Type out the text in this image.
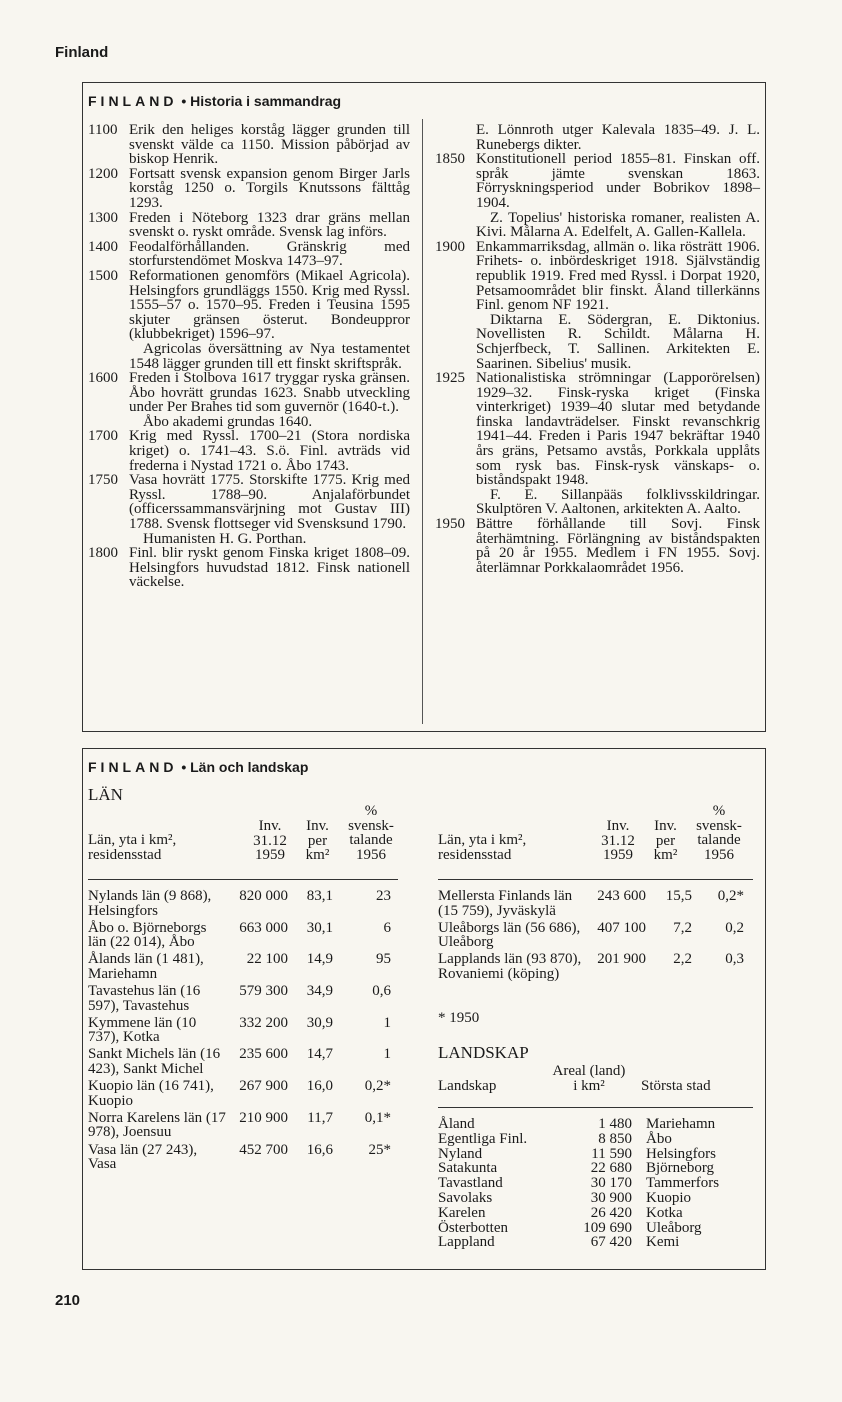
Finland
FINLAND • Historia i sammandrag
1100 Erik den heliges korståg lägger grunden till svenskt välde ca 1150. Mission påbörjad av biskop Henrik.
1200 Fortsatt svensk expansion genom Birger Jarls korståg 1250 o. Torgils Knutssons fälttåg 1293.
1300 Freden i Nöteborg 1323 drar gräns mellan svenskt o. ryskt område. Svensk lag införs.
1400 Feodalförhållanden. Gränskrig med storfurstendömet Moskva 1473–97.
1500 Reformationen genomförs (Mikael Agricola). Helsingfors grundläggs 1550. Krig med Ryssl. 1555–57 o. 1570–95. Freden i Teusina 1595 skjuter gränsen österut. Bondeuppror (klubbekriget) 1596–97.
Agricolas översättning av Nya testamentet 1548 lägger grunden till ett finskt skriftspråk.
1600 Freden i Stolbova 1617 tryggar ryska gränsen. Åbo hovrätt grundas 1623. Snabb utveckling under Per Brahes tid som guvernör (1640-t.).
Åbo akademi grundas 1640.
1700 Krig med Ryssl. 1700–21 (Stora nordiska kriget) o. 1741–43. S.ö. Finl. avträds vid frederna i Nystad 1721 o. Åbo 1743.
1750 Vasa hovrätt 1775. Storskifte 1775. Krig med Ryssl. 1788–90. Anjalaförbundet (officerssammansvärjning mot Gustav III) 1788. Svensk flottseger vid Svensksund 1790.
Humanisten H. G. Porthan.
1800 Finl. blir ryskt genom Finska kriget 1808–09. Helsingfors huvudstad 1812. Finsk nationell väckelse.
E. Lönnroth utger Kalevala 1835–49. J. L. Runebergs dikter.
1850 Konstitutionell period 1855–81. Finskan off. språk jämte svenskan 1863. Förryskningsperiod under Bobrikov 1898–1904.
Z. Topelius' historiska romaner, realisten A. Kivi. Målarna A. Edelfelt, A. Gallen-Kallela.
1900 Enkammarriksdag, allmän o. lika rösträtt 1906. Frihets- o. inbördeskriget 1918. Självständig republik 1919. Fred med Ryssl. i Dorpat 1920, Petsamoområdet blir finskt. Åland tillerkänns Finl. genom NF 1921.
Diktarna E. Södergran, E. Diktonius. Novellisten R. Schildt. Målarna H. Schjerfbeck, T. Sallinen. Arkitekten E. Saarinen. Sibelius' musik.
1925 Nationalistiska strömningar (Lapporörelsen) 1929–32. Finsk-ryska kriget (Finska vinterkriget) 1939–40 slutar med betydande finska landavträdelser. Finskt revanschkrig 1941–44. Freden i Paris 1947 bekräftar 1940 års gräns, Petsamo avstås, Porkkala upplåts som rysk bas. Finsk-rysk vänskaps- o. biståndspakt 1948.
F. E. Sillanpääs folklivsskildringar. Skulptören V. Aaltonen, arkitekten A. Aalto.
1950 Bättre förhållande till Sovj. Finsk återhämtning. Förlängning av biståndspakten på 20 år 1955. Medlem i FN 1955. Sovj. återlämnar Porkkalaområdet 1956.
FINLAND • Län och landskap
LÄN
Län, yta i km², residensstad
Inv.
31.12
1959
Inv.
per
km²
%
svensk-
talande
1956
Nylands län (9 868), Helsingfors
820 000	83,1	23
Åbo o. Björneborgs län (22 014), Åbo
663 000	30,1	6
Ålands län (1 481), Mariehamn
22 100	14,9	95
Tavastehus län (16 597), Tavastehus
579 300	34,9	0,6
Kymmene län (10 737), Kotka
332 200	30,9	1
Sankt Michels län (16 423), Sankt Michel
235 600	14,7	1
Kuopio län (16 741), Kuopio
267 900	16,0	0,2*
Norra Karelens län (17 978), Joensuu
210 900	11,7	0,1*
Vasa län (27 243), Vasa
452 700	16,6	25*
Län, yta i km², residensstad
Inv.
31.12
1959
Inv.
per
km²
%
svensk-
talande
1956
Mellersta Finlands län (15 759), Jyväskylä
243 600	15,5	0,2*
Uleåborgs län (56 686), Uleåborg
407 100	7,2	0,2
Lapplands län (93 870), Rovaniemi (köping)
201 900	2,2	0,3
* 1950
LANDSKAP
Landskap
Areal (land)
i km²	Största stad
Åland	1 480 Mariehamn
Egentliga Finl.	8 850 Åbo
Nyland	11 590 Helsingfors
Satakunta	22 680 Björneborg
Tavastland	30 170 Tammerfors
Savolaks	30 900 Kuopio
Karelen	26 420 Kotka
Österbotten	109 690 Uleåborg
Lappland	67 420 Kemi
210
